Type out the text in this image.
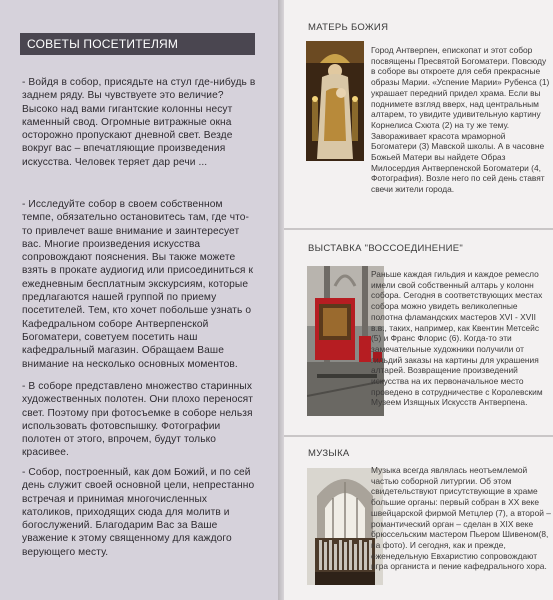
СОВЕТЫ ПОСЕТИТЕЛЯМ

- Войдя в собор, присядьте на стул где-нибудь в заднем ряду. Вы чувствуете это величие? Высоко над вами гигантские колонны несут каменный свод. Огромные витражные окна осторожно пропускают дневной свет. Везде вокруг вас – впечатляющие произведения искусства. Человек теряет дар речи ...

- Исследуйте собор в своем собственном темпе, обязательно остановитесь там, где что-то привлечет ваше внимание и заинтересует вас. Многие произведения искусства сопровождают пояснения. Вы также можете взять в прокате аудиогид или присоединиться к ежедневным бесплатным экскурсиям, которые предлагаются нашей группой по приему посетителей. Тем, кто хочет побольше узнать о Кафедральном соборе Антверпенской Богоматери, советуем посетить наш кафедральный магазин. Обращаем Ваше внимание на несколько основных моментов.

- В соборе представлено множество старинных художественных полотен. Они плохо переносят свет. Поэтому при фотосъемке в соборе нельзя использовать фотовспышку. Фотографии полотен от этого, впрочем, будут только красивее.

- Собор, построенный, как дом Божий, и по сей день служит своей основной цели, непрестанно встречая и принимая многочисленных католиков, приходящих сюда для молитв и богослужений. Благодарим Вас за Ваше уважение к этому священному для каждого верующего месту.

МАТЕРЬ БОЖИЯ

Город Антверпен, епископат и этот собор посвящены Пресвятой Богоматери. Повсюду в соборе вы откроете для себя прекрасные образы Марии. «Успение Марии» Рубенса (1) украшает передний придел храма. Если вы поднимете взгляд вверх, над центральным алтарем, то увидите удивительную картину Корнелиса Схюта (2) на ту же тему. Завораживает красота мраморной Богоматери (3) Мавской школы. А в часовне Божьей Матери вы найдете Образ Милосердия Антверпенской Богоматери (4, Фотография). Возле него по сей день ставят свечи жители города.

ВЫСТАВКА "ВОССОЕДИНЕНИЕ"

Раньше каждая гильдия и каждое ремесло имели свой собственный алтарь у колонн собора. Сегодня в соответствующих местах собора можно увидеть великолепные полотна фламандских мастеров XVI - XVII в.в., таких, например, как Квентин Метсейс (5) и Франс Флорис (6). Когда-то эти замечательные художники получили от гильдий заказы на картины для украшения алтарей. Возвращение произведений искусства на их первоначальное место проведено в сотрудничестве с Королевским Музеем Изящных Искусств Антверпена.

МУЗЫКА

Музыка всегда являлась неотъемлемой частью соборной литургии. Об этом свидетельствуют присутствующие в храме большие органы: первый собран в XX веке швейцарской фирмой Метцлер (7), а второй – романтический орган – сделан в XIX веке брюссельским мастером Пьером Шивеном(8, на фото). И сегодня, как и прежде, еженедельную Евхаристию сопровождают игра органиста и пение кафедрального хора.
